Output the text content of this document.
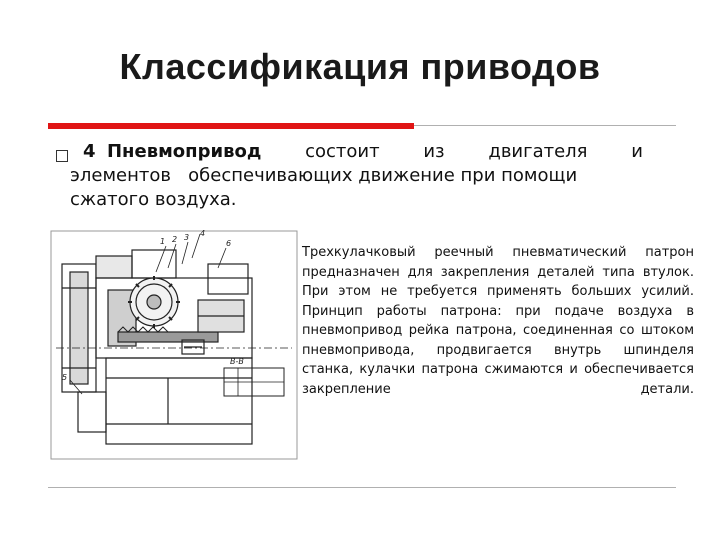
Классификация приводов
4 Пневмопривод состоит из двигателя и
элементов   обеспечивающих движение при помощи
сжатого воздуха.
1 2 3 4
6
5
В-В
Трехкулачковый реечный пневматический патрон предназначен для закрепления деталей типа втулок. При этом не требуется применять больших усилий. Принцип работы патрона: при подаче воздуха в пневмопривод рейка патрона, соединенная со штоком пневмопривода, продвигается внутрь шпинделя станка, кулачки патрона сжимаются и обеспечивается закрепление детали.
